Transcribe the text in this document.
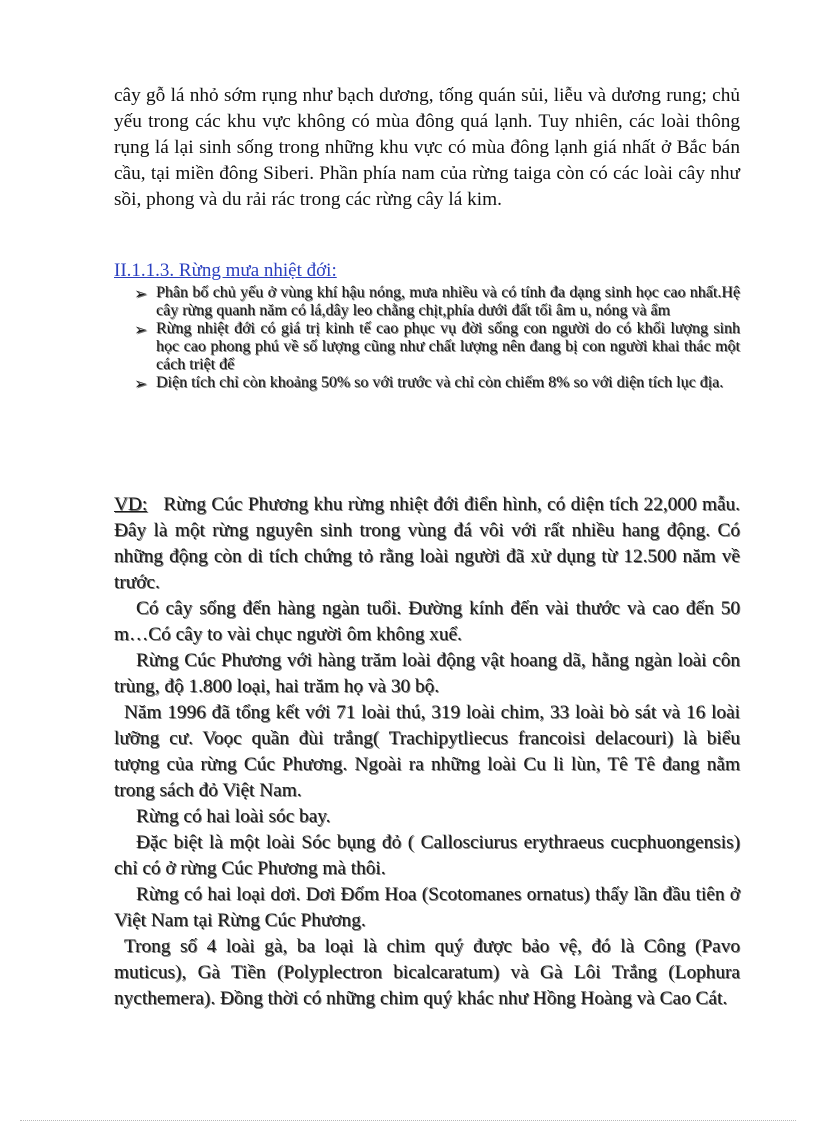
cây gỗ lá nhỏ sớm rụng như bạch dương, tống quán sủi, liễu và dương rung; chủ yếu trong các khu vực không có mùa đông quá lạnh. Tuy nhiên, các loài thông rụng lá lại sinh sống trong những khu vực có mùa đông lạnh giá nhất ở Bắc bán cầu, tại miền đông Siberi. Phần phía nam của rừng taiga còn có các loài cây như sồi, phong và du rải rác trong các rừng cây lá kim.

II.1.1.3. Rừng mưa nhiệt đới:

➢ Phân bố chủ yếu ở vùng khí hậu nóng, mưa nhiều và có tính đa dạng sinh học cao nhất.Hệ cây rừng quanh năm có lá,dây leo chằng chịt,phía dưới đất tối âm u, nóng và ẩm

➢ Rừng nhiệt đới có giá trị kinh tế cao phục vụ đời sống con người do có khối lượng sinh học cao phong phú về số lượng cũng như chất lượng nên đang bị con người khai thác một cách triệt để

➢ Diện tích chỉ còn khoảng 50% so với trước và chỉ còn chiếm 8% so với diện tích lục địa.

VD: Rừng Cúc Phương khu rừng nhiệt đới điển hình, có diện tích 22,000 mẫu. Đây là một rừng nguyên sinh trong vùng đá vôi với rất nhiều hang động. Có những động còn di tích chứng tỏ rằng loài người đã xử dụng từ 12.500 năm về trước.

Có cây sống đến hàng ngàn tuổi. Đường kính đến vài thước và cao đến 50 m…Có cây to vài chục người ôm không xuể.

Rừng Cúc Phương với hàng trăm loài động vật hoang dã, hằng ngàn loài côn trùng, độ 1.800 loại, hai trăm họ và 30 bộ.

Năm 1996 đã tổng kết với 71 loài thú, 319 loài chim, 33 loài bò sát và 16 loài lưỡng cư. Voọc quần đùi trắng( Trachipytliecus francoisi delacouri) là biểu tượng của rừng Cúc Phương. Ngoài ra những loài Cu li lùn, Tê Tê đang nằm trong sách đỏ Việt Nam.

Rừng có hai loài sóc bay.

Đặc biệt là một loài Sóc bụng đỏ ( Callosciurus erythraeus cucphuongensis) chỉ có ở rừng Cúc Phương mà thôi.

Rừng có hai loại dơi. Dơi Đốm Hoa (Scotomanes ornatus) thấy lần đầu tiên ở Việt Nam tại Rừng Cúc Phương.

Trong số 4 loài gà, ba loại là chim quý được bảo vệ, đó là Công (Pavo muticus), Gà Tiền (Polyplectron bicalcaratum) và Gà Lôi Trắng (Lophura nycthemera). Đồng thời có những chim quý khác như Hồng Hoàng và Cao Cát.
